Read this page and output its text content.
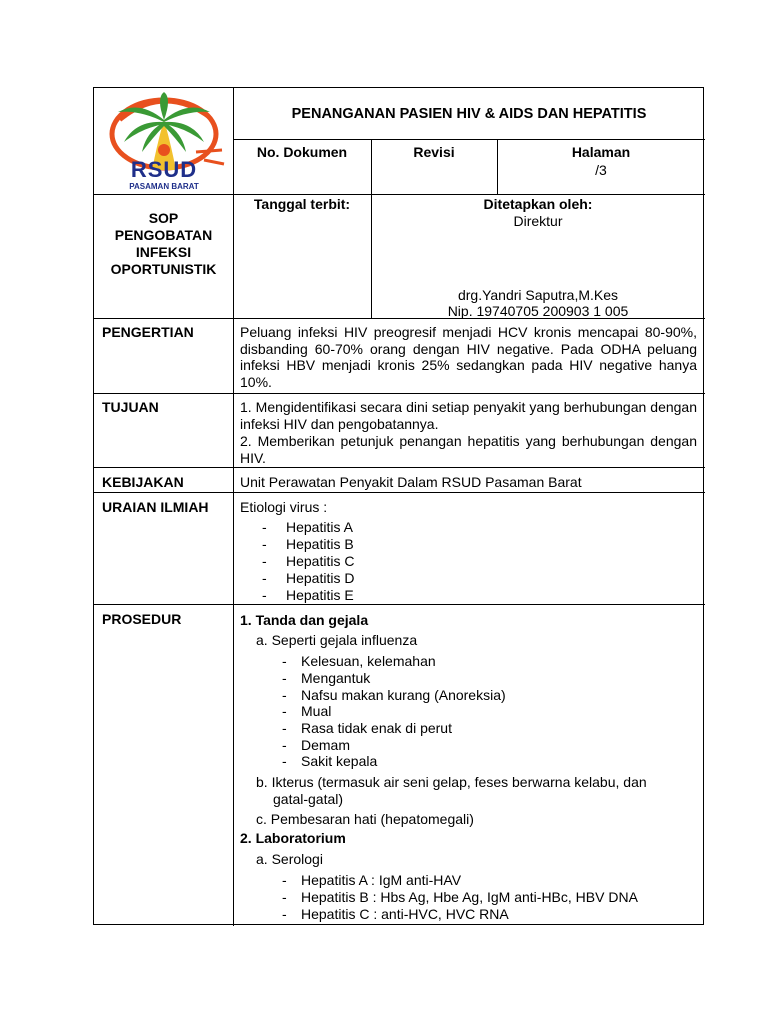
RSUD
PASAMAN BARAT
PENANGANAN PASIEN HIV & AIDS DAN HEPATITIS
No. Dokumen	Revisi	Halaman
/3
SOP
PENGOBATAN
INFEKSI
OPORTUNISTIK
Tanggal terbit:	Ditetapkan oleh:
Direktur
drg.Yandri Saputra,M.Kes
Nip. 19740705 200903 1 005
PENGERTIAN	Peluang infeksi HIV preogresif menjadi HCV kronis mencapai 80-90%, disbanding 60-70% orang dengan HIV negative. Pada ODHA peluang infeksi HBV menjadi kronis 25% sedangkan pada HIV negative hanya 10%.
TUJUAN	1. Mengidentifikasi secara dini setiap penyakit yang berhubungan dengan infeksi HIV dan pengobatannya.
2. Memberikan petunjuk penangan hepatitis yang berhubungan dengan HIV.
KEBIJAKAN	Unit Perawatan Penyakit Dalam RSUD Pasaman Barat
URAIAN ILMIAH Etiologi virus :
- Hepatitis A
- Hepatitis B
- Hepatitis C
- Hepatitis D
- Hepatitis E
PROSEDUR	1. Tanda dan gejala
a. Seperti gejala influenza
- Kelesuan, kelemahan
- Mengantuk
- Nafsu makan kurang (Anoreksia)
- Mual
- Rasa tidak enak di perut
- Demam
- Sakit kepala
b. Ikterus (termasuk air seni gelap, feses berwarna kelabu, dan
gatal-gatal)
c. Pembesaran hati (hepatomegali)
2. Laboratorium
a. Serologi
- Hepatitis A : IgM anti-HAV
- Hepatitis B : Hbs Ag, Hbe Ag, IgM anti-HBc, HBV DNA
- Hepatitis C : anti-HVC, HVC RNA
